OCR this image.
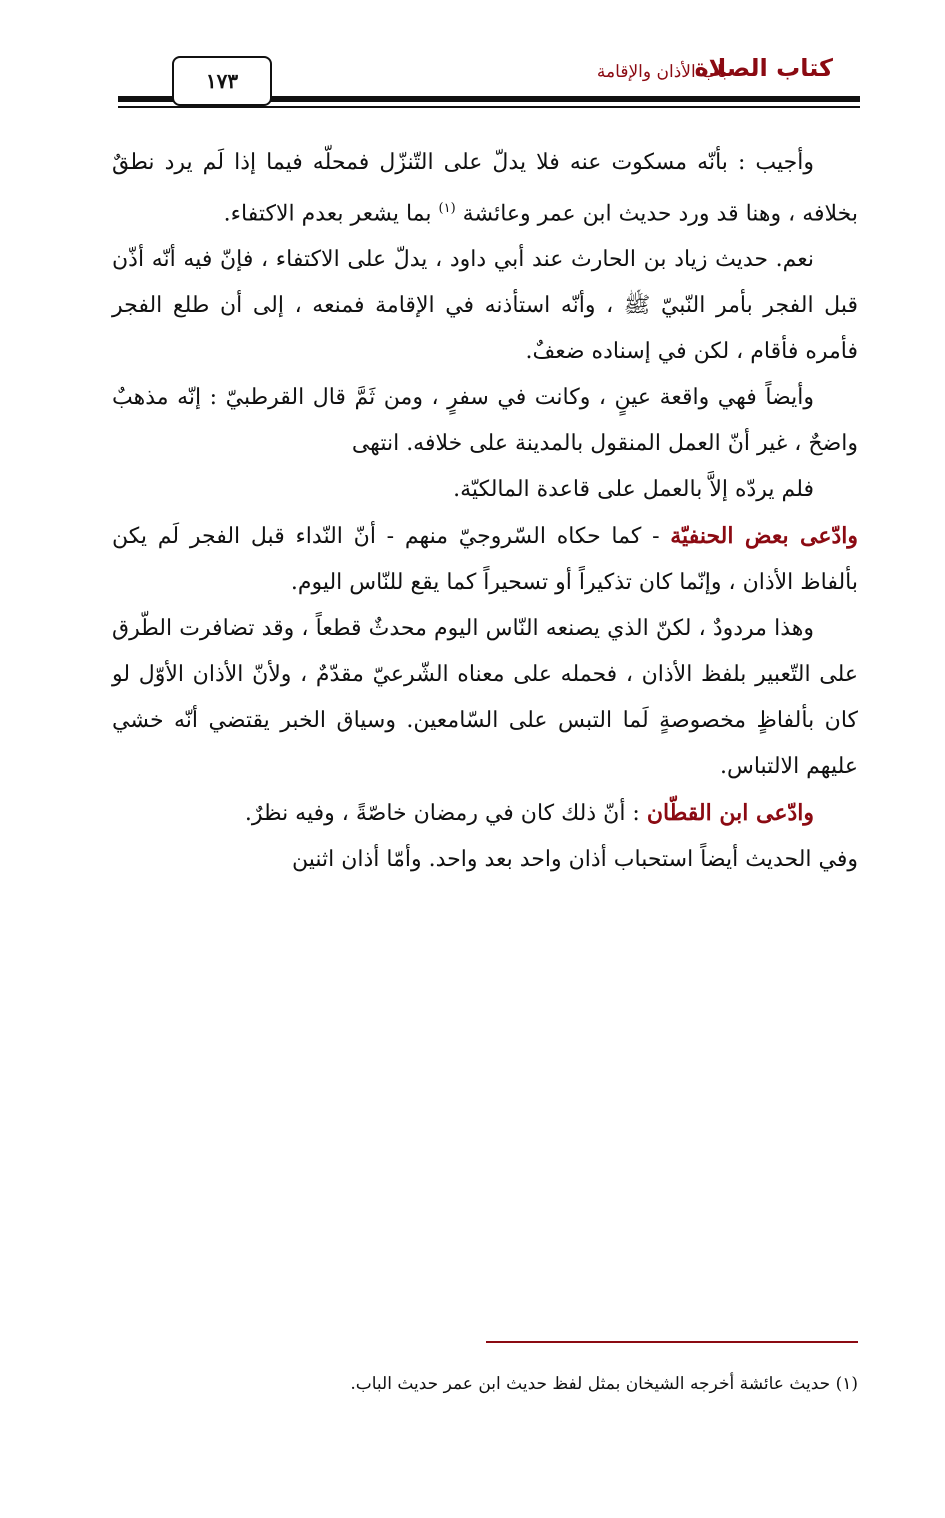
كتاب الصلاة
باب الأذان والإقامة
١٧٣

وأجيب : بأنّه مسكوت عنه فلا يدلّ على التّنزّل فمحلّه فيما إذا لَم يرد نطقٌ بخلافه ، وهنا قد ورد حديث ابن عمر وعائشة $^{(١)}$ بما يشعر بعدم الاكتفاء.

نعم. حديث زياد بن الحارث عند أبي داود ، يدلّ على الاكتفاء ، فإنّ فيه أنّه أذّن قبل الفجر بأمر النّبيّ ﷺ ، وأنّه استأذنه في الإقامة فمنعه ، إلى أن طلع الفجر فأمره فأقام ، لكن في إسناده ضعفٌ.

وأيضاً فهي واقعة عينٍ ، وكانت في سفرٍ ، ومن ثَمَّ قال القرطبيّ : إنّه مذهبٌ واضحٌ ، غير أنّ العمل المنقول بالمدينة على خلافه. انتهى

فلم يردّه إلاَّ بالعمل على قاعدة المالكيّة.

وادّعى بعض الحنفيّة - كما حكاه السّروجيّ منهم - أنّ النّداء قبل الفجر لَم يكن بألفاظ الأذان ، وإنّما كان تذكيراً أو تسحيراً كما يقع للنّاس اليوم.

وهذا مردودٌ ، لكنّ الذي يصنعه النّاس اليوم محدثٌ قطعاً ، وقد تضافرت الطّرق على التّعبير بلفظ الأذان ، فحمله على معناه الشّرعيّ مقدّمٌ ، ولأنّ الأذان الأوّل لو كان بألفاظٍ مخصوصةٍ لَما التبس على السّامعين. وسياق الخبر يقتضي أنّه خشي عليهم الالتباس.

وادّعى ابن القطّان : أنّ ذلك كان في رمضان خاصّةً ، وفيه نظرٌ.

وفي الحديث أيضاً استحباب أذان واحد بعد واحد. وأمّا أذان اثنين

(١) حديث عائشة أخرجه الشيخان بمثل لفظ حديث ابن عمر حديث الباب.
